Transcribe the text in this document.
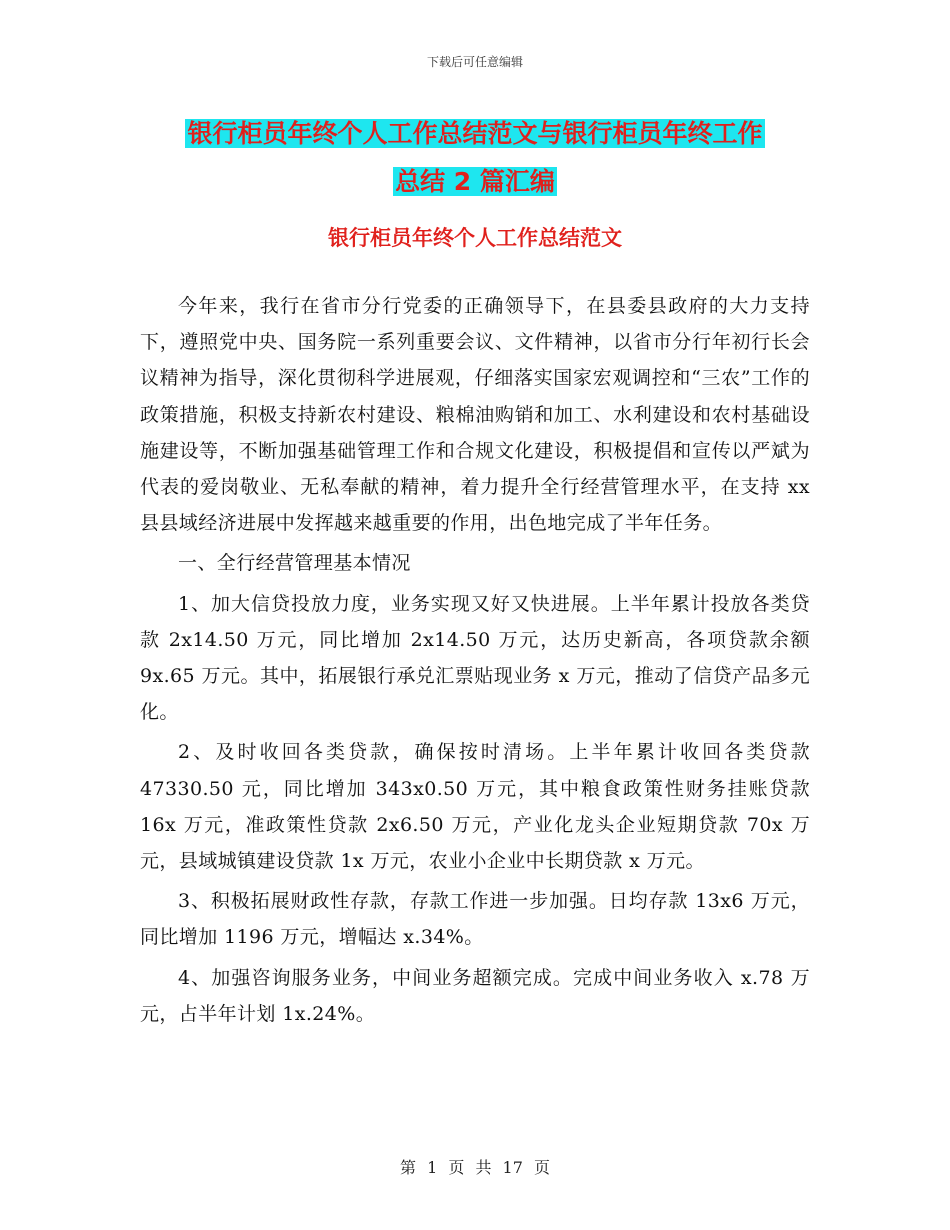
下载后可任意编辑
银行柜员年终个人工作总结范文与银行柜员年终工作
总结 2 篇汇编
银行柜员年终个人工作总结范文

今年来，我行在省市分行党委的正确领导下，在县委县政府的大力支持下，遵照党中央、国务院一系列重要会议、文件精神，以省市分行年初行长会议精神为指导，深化贯彻科学进展观，仔细落实国家宏观调控和“三农”工作的政策措施，积极支持新农村建设、粮棉油购销和加工、水利建设和农村基础设施建设等，不断加强基础管理工作和合规文化建设，积极提倡和宣传以严斌为代表的爱岗敬业、无私奉献的精神，着力提升全行经营管理水平，在支持 xx 县县域经济进展中发挥越来越重要的作用，出色地完成了半年任务。

一、全行经营管理基本情况

1、加大信贷投放力度，业务实现又好又快进展。上半年累计投放各类贷款 2x14.50 万元，同比增加 2x14.50 万元，达历史新高，各项贷款余额 9x.65 万元。其中，拓展银行承兑汇票贴现业务 x 万元，推动了信贷产品多元化。

2、及时收回各类贷款，确保按时清场。上半年累计收回各类贷款 47330.50 元，同比增加 343x0.50 万元，其中粮食政策性财务挂账贷款 16x 万元，准政策性贷款 2x6.50 万元，产业化龙头企业短期贷款 70x 万元，县域城镇建设贷款 1x 万元，农业小企业中长期贷款 x 万元。

3、积极拓展财政性存款，存款工作进一步加强。日均存款 13x6 万元，同比增加 1196 万元，增幅达 x.34%。

4、加强咨询服务业务，中间业务超额完成。完成中间业务收入 x.78 万元，占半年计划 1x.24%。

第 1 页 共 17 页
